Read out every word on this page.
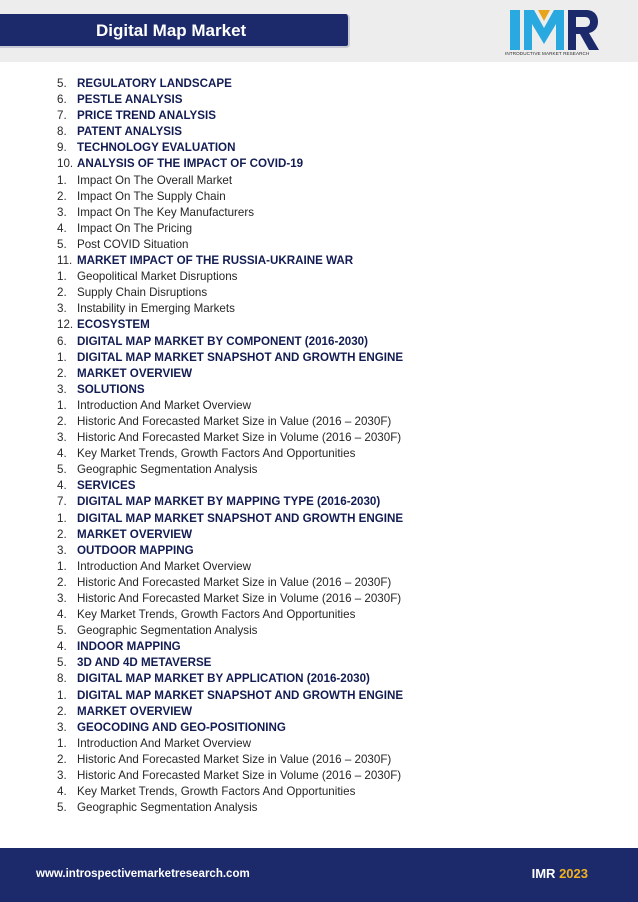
Digital Map Market
INTRODUCTIVE MARKET RESEARCH
5. REGULATORY LANDSCAPE
6. PESTLE ANALYSIS
7. PRICE TREND ANALYSIS
8. PATENT ANALYSIS
9. TECHNOLOGY EVALUATION
10. ANALYSIS OF THE IMPACT OF COVID-19
1. Impact On The Overall Market
2. Impact On The Supply Chain
3. Impact On The Key Manufacturers
4. Impact On The Pricing
5. Post COVID Situation
11. MARKET IMPACT OF THE RUSSIA-UKRAINE WAR
1. Geopolitical Market Disruptions
2. Supply Chain Disruptions
3. Instability in Emerging Markets
12. ECOSYSTEM
6. DIGITAL MAP MARKET BY COMPONENT (2016-2030)
1. DIGITAL MAP MARKET SNAPSHOT AND GROWTH ENGINE
2. MARKET OVERVIEW
3. SOLUTIONS
1. Introduction And Market Overview
2. Historic And Forecasted Market Size in Value (2016 – 2030F)
3. Historic And Forecasted Market Size in Volume (2016 – 2030F)
4. Key Market Trends, Growth Factors And Opportunities
5. Geographic Segmentation Analysis
4. SERVICES
7. DIGITAL MAP MARKET BY MAPPING TYPE (2016-2030)
1. DIGITAL MAP MARKET SNAPSHOT AND GROWTH ENGINE
2. MARKET OVERVIEW
3. OUTDOOR MAPPING
1. Introduction And Market Overview
2. Historic And Forecasted Market Size in Value (2016 – 2030F)
3. Historic And Forecasted Market Size in Volume (2016 – 2030F)
4. Key Market Trends, Growth Factors And Opportunities
5. Geographic Segmentation Analysis
4. INDOOR MAPPING
5. 3D AND 4D METAVERSE
8. DIGITAL MAP MARKET BY APPLICATION (2016-2030)
1. DIGITAL MAP MARKET SNAPSHOT AND GROWTH ENGINE
2. MARKET OVERVIEW
3. GEOCODING AND GEO-POSITIONING
1. Introduction And Market Overview
2. Historic And Forecasted Market Size in Value (2016 – 2030F)
3. Historic And Forecasted Market Size in Volume (2016 – 2030F)
4. Key Market Trends, Growth Factors And Opportunities
5. Geographic Segmentation Analysis
www.introspectivemarketresearch.com	IMR 2023
